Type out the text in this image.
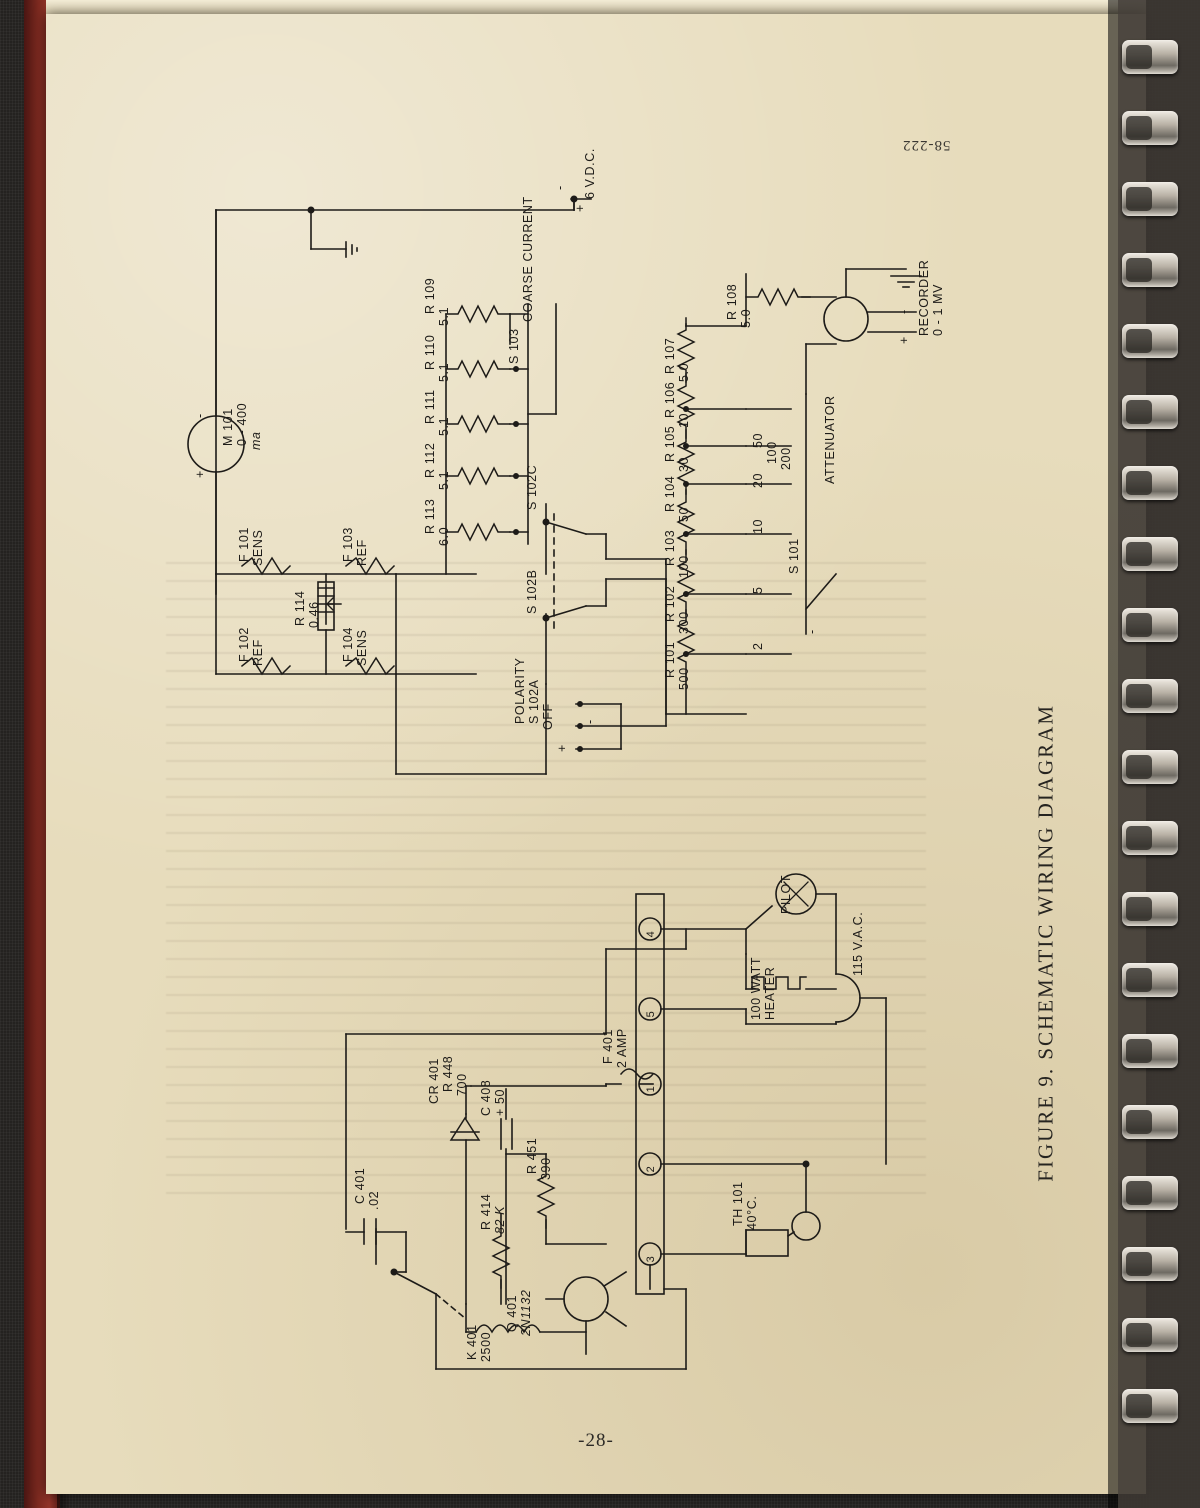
58-222
FIGURE 9. SCHEMATIC WIRING DIAGRAM
-28-
6 V.D.C.
-
+
M 101 0 - 400 ma
-
+
F 101 SENS
F 102 REF
F 103 REF
F 104 SENS
R 114 0.46
R 109
5.1
R 110
5.1
R 111
5.1
R 112
5.1
R 113
6.0
S 103
COARSE CURRENT
S 102C
S 102B
POLARITY S 102A OFF
+
-
R 101
500
R 102
300
R 103
100
R 104
50
R 105
30
R 106
10
R 107 5.0
2
5
10
20
50
100 200
S 101
-
ATTENUATOR
R 108 5.0	RECORDER 0 - 1 MV
-
+
4
5
1
2
3
F 401 2 AMP
115 V.A.C.
100 WATT HEATER
PILOT
TH 101 40°C.
CR 401 R 448 700 C 408 + 50
R 451 390
R 414 82 K
C 401 .02
K 401 2500
Q 401 2N1132
